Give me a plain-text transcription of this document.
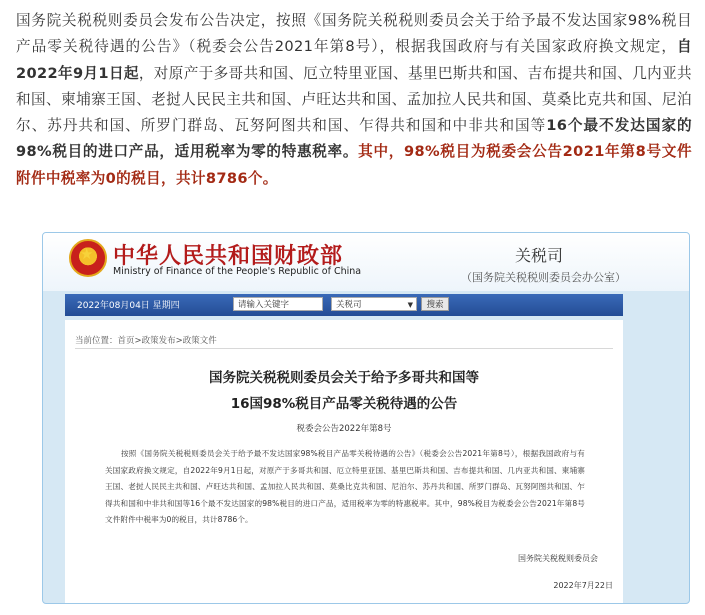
国务院关税税则委员会发布公告决定，按照《国务院关税税则委员会关于给予最不发达国家98%税目产品零关税待遇的公告》（税委会公告2021年第8号），根据我国政府与有关国家政府换文规定，自2022年9月1日起，对原产于多哥共和国、厄立特里亚国、基里巴斯共和国、吉布提共和国、几内亚共和国、柬埔寨王国、老挝人民民主共和国、卢旺达共和国、孟加拉人民共和国、莫桑比克共和国、尼泊尔、苏丹共和国、所罗门群岛、瓦努阿图共和国、乍得共和国和中非共和国等16个最不发达国家的98%税目的进口产品，适用税率为零的特惠税率。其中，98%税目为税委会公告2021年第8号文件附件中税率为0的税目，共计8786个。
★ 中华人民共和国财政部
Ministry of Finance of the People's Republic of China
关税司
（国务院关税税则委员会办公室）
2022年08月04日 星期四	请输入关键字	关税司	▼	搜索
当前位置：首页>政策发布>政策文件
国务院关税税则委员会关于给予多哥共和国等
16国98%税目产品零关税待遇的公告
税委会公告2022年第8号
按照《国务院关税税则委员会关于给予最不发达国家98%税目产品零关税待遇的公告》（税委会公告2021年第8号），根据我国政府与有关国家政府换文规定，自2022年9月1日起，对原产于多哥共和国、厄立特里亚国、基里巴斯共和国、吉布提共和国、几内亚共和国、柬埔寨王国、老挝人民民主共和国、卢旺达共和国、孟加拉人民共和国、莫桑比克共和国、尼泊尔、苏丹共和国、所罗门群岛、瓦努阿图共和国、乍得共和国和中非共和国等16个最不发达国家的98%税目的进口产品，适用税率为零的特惠税率。其中，98%税目为税委会公告2021年第8号文件附件中税率为0的税目，共计8786个。
国务院关税税则委员会
2022年7月22日
